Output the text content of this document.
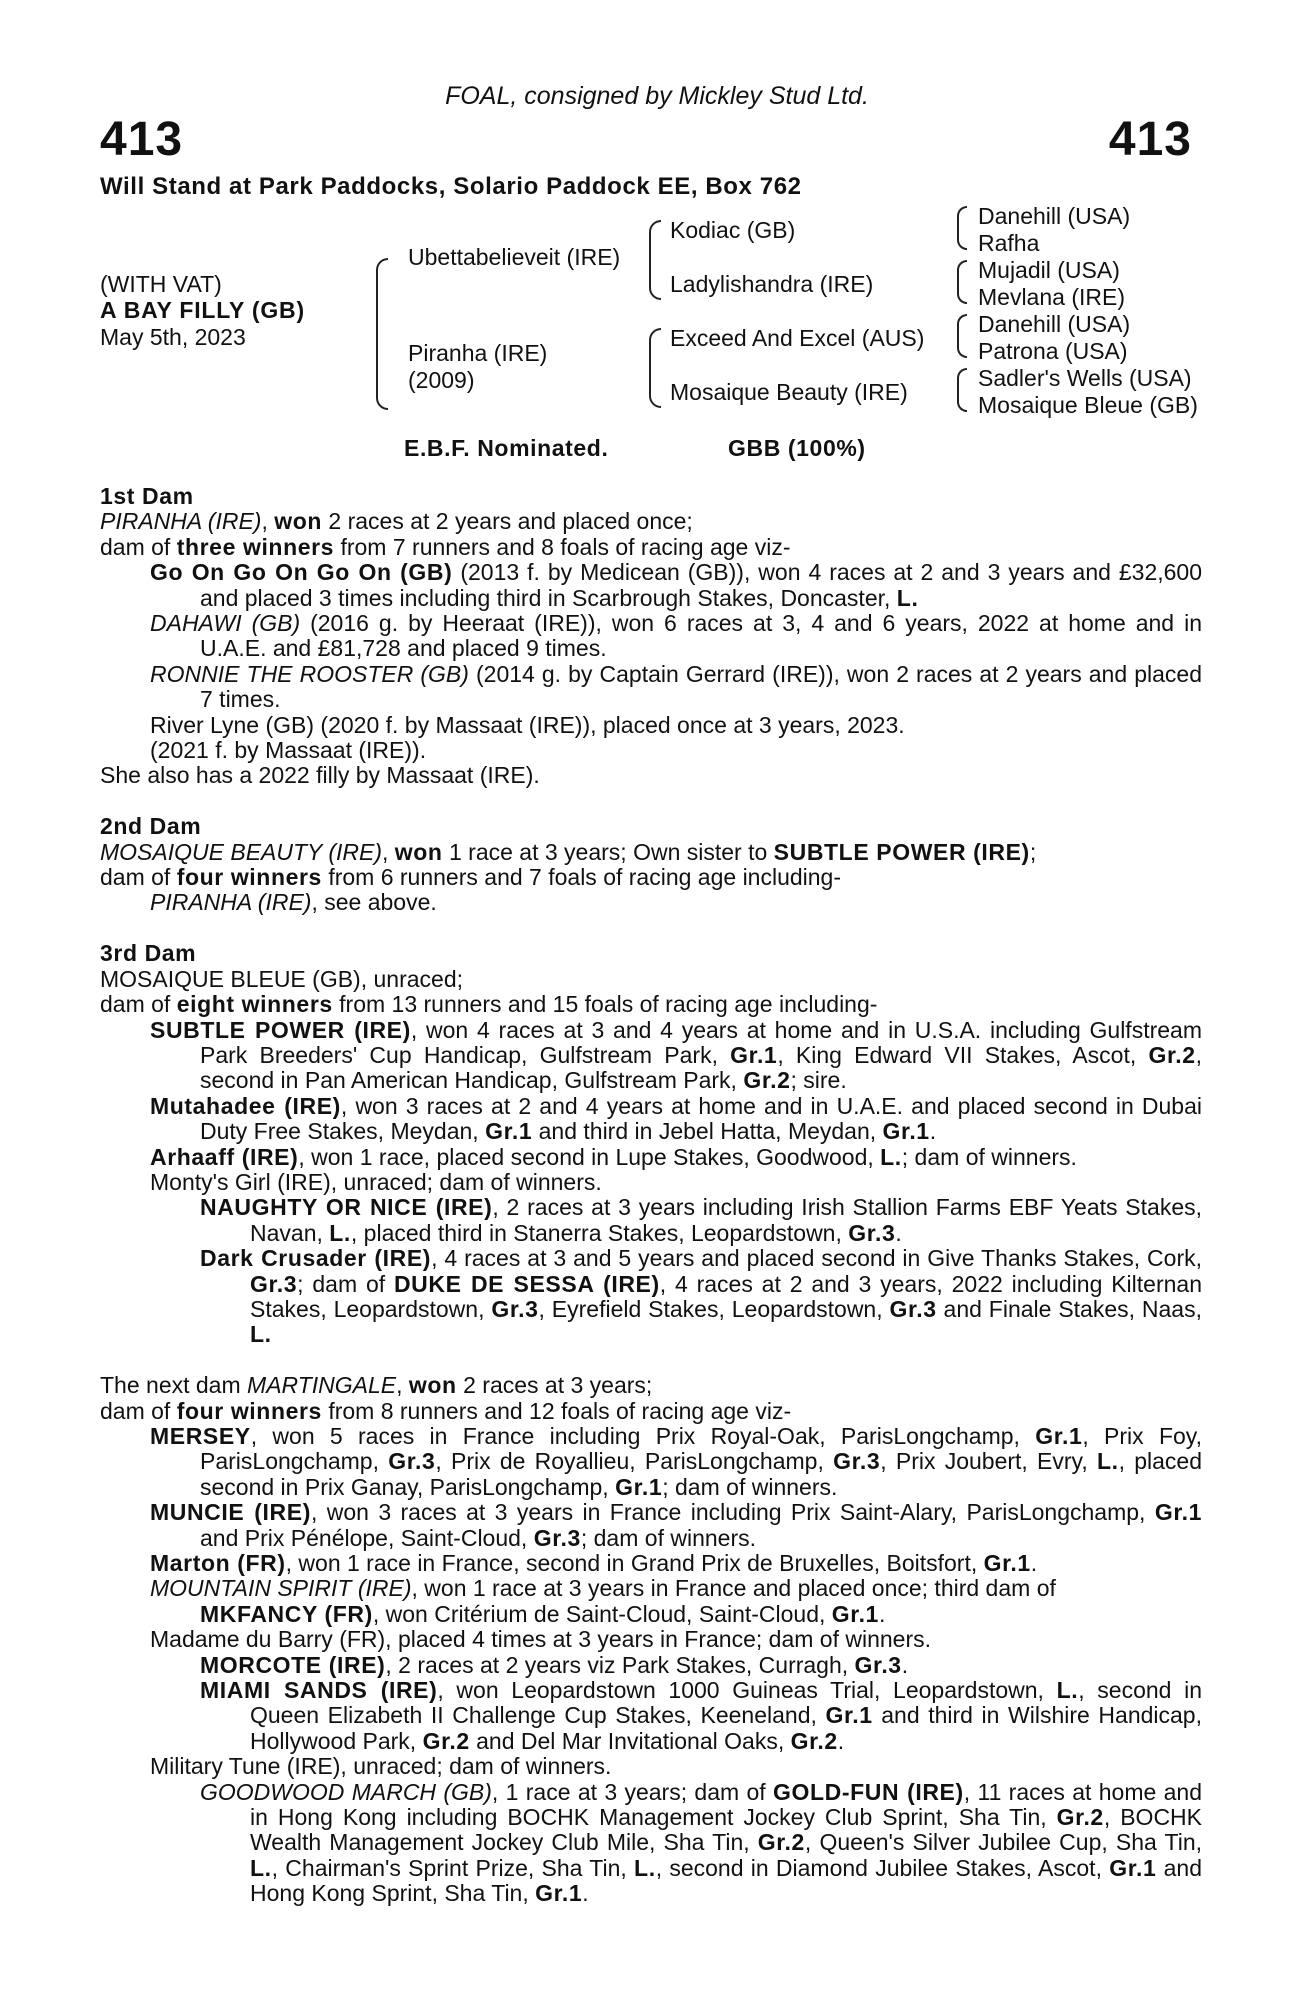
FOAL, consigned by Mickley Stud Ltd.
413	413
Will Stand at Park Paddocks, Solario Paddock EE, Box 762
(WITH VAT)
A BAY FILLY (GB)
May 5th, 2023
Ubettabelieveit (IRE)
Piranha (IRE)
(2009)
Kodiac (GB)
Ladylishandra (IRE)
Exceed And Excel (AUS)
Mosaique Beauty (IRE)
Danehill (USA)
Rafha
Mujadil (USA)
Mevlana (IRE)
Danehill (USA)
Patrona (USA)
Sadler's Wells (USA)
Mosaique Bleue (GB)
E.B.F. Nominated.	GBB (100%)
1st Dam

PIRANHA (IRE), won 2 races at 2 years and placed once;

dam of three winners from 7 runners and 8 foals of racing age viz-

Go On Go On Go On (GB) (2013 f. by Medicean (GB)), won 4 races at 2 and 3 years and £32,600 and placed 3 times including third in Scarbrough Stakes, Doncaster, L.

DAHAWI (GB) (2016 g. by Heeraat (IRE)), won 6 races at 3, 4 and 6 years, 2022 at home and in U.A.E. and £81,728 and placed 9 times.

RONNIE THE ROOSTER (GB) (2014 g. by Captain Gerrard (IRE)), won 2 races at 2 years and placed 7 times.

River Lyne (GB) (2020 f. by Massaat (IRE)), placed once at 3 years, 2023.

(2021 f. by Massaat (IRE)).

She also has a 2022 filly by Massaat (IRE).

2nd Dam

MOSAIQUE BEAUTY (IRE), won 1 race at 3 years; Own sister to SUBTLE POWER (IRE);

dam of four winners from 6 runners and 7 foals of racing age including-

PIRANHA (IRE), see above.

3rd Dam

MOSAIQUE BLEUE (GB), unraced;

dam of eight winners from 13 runners and 15 foals of racing age including-

SUBTLE POWER (IRE), won 4 races at 3 and 4 years at home and in U.S.A. including Gulfstream Park Breeders' Cup Handicap, Gulfstream Park, Gr.1, King Edward VII Stakes, Ascot, Gr.2, second in Pan American Handicap, Gulfstream Park, Gr.2; sire.

Mutahadee (IRE), won 3 races at 2 and 4 years at home and in U.A.E. and placed second in Dubai Duty Free Stakes, Meydan, Gr.1 and third in Jebel Hatta, Meydan, Gr.1.

Arhaaff (IRE), won 1 race, placed second in Lupe Stakes, Goodwood, L.; dam of winners.

Monty's Girl (IRE), unraced; dam of winners.

NAUGHTY OR NICE (IRE), 2 races at 3 years including Irish Stallion Farms EBF Yeats Stakes, Navan, L., placed third in Stanerra Stakes, Leopardstown, Gr.3.

Dark Crusader (IRE), 4 races at 3 and 5 years and placed second in Give Thanks Stakes, Cork, Gr.3; dam of DUKE DE SESSA (IRE), 4 races at 2 and 3 years, 2022 including Kilternan Stakes, Leopardstown, Gr.3, Eyrefield Stakes, Leopardstown, Gr.3 and Finale Stakes, Naas, L.

The next dam MARTINGALE, won 2 races at 3 years;

dam of four winners from 8 runners and 12 foals of racing age viz-

MERSEY, won 5 races in France including Prix Royal-Oak, ParisLongchamp, Gr.1, Prix Foy, ParisLongchamp, Gr.3, Prix de Royallieu, ParisLongchamp, Gr.3, Prix Joubert, Evry, L., placed second in Prix Ganay, ParisLongchamp, Gr.1; dam of winners.

MUNCIE (IRE), won 3 races at 3 years in France including Prix Saint-Alary, ParisLongchamp, Gr.1 and Prix Pénélope, Saint-Cloud, Gr.3; dam of winners.

Marton (FR), won 1 race in France, second in Grand Prix de Bruxelles, Boitsfort, Gr.1.

MOUNTAIN SPIRIT (IRE), won 1 race at 3 years in France and placed once; third dam of

MKFANCY (FR), won Critérium de Saint-Cloud, Saint-Cloud, Gr.1.

Madame du Barry (FR), placed 4 times at 3 years in France; dam of winners.

MORCOTE (IRE), 2 races at 2 years viz Park Stakes, Curragh, Gr.3.

MIAMI SANDS (IRE), won Leopardstown 1000 Guineas Trial, Leopardstown, L., second in Queen Elizabeth II Challenge Cup Stakes, Keeneland, Gr.1 and third in Wilshire Handicap, Hollywood Park, Gr.2 and Del Mar Invitational Oaks, Gr.2.

Military Tune (IRE), unraced; dam of winners.

GOODWOOD MARCH (GB), 1 race at 3 years; dam of GOLD-FUN (IRE), 11 races at home and in Hong Kong including BOCHK Management Jockey Club Sprint, Sha Tin, Gr.2, BOCHK Wealth Management Jockey Club Mile, Sha Tin, Gr.2, Queen's Silver Jubilee Cup, Sha Tin, L., Chairman's Sprint Prize, Sha Tin, L., second in Diamond Jubilee Stakes, Ascot, Gr.1 and Hong Kong Sprint, Sha Tin, Gr.1.
